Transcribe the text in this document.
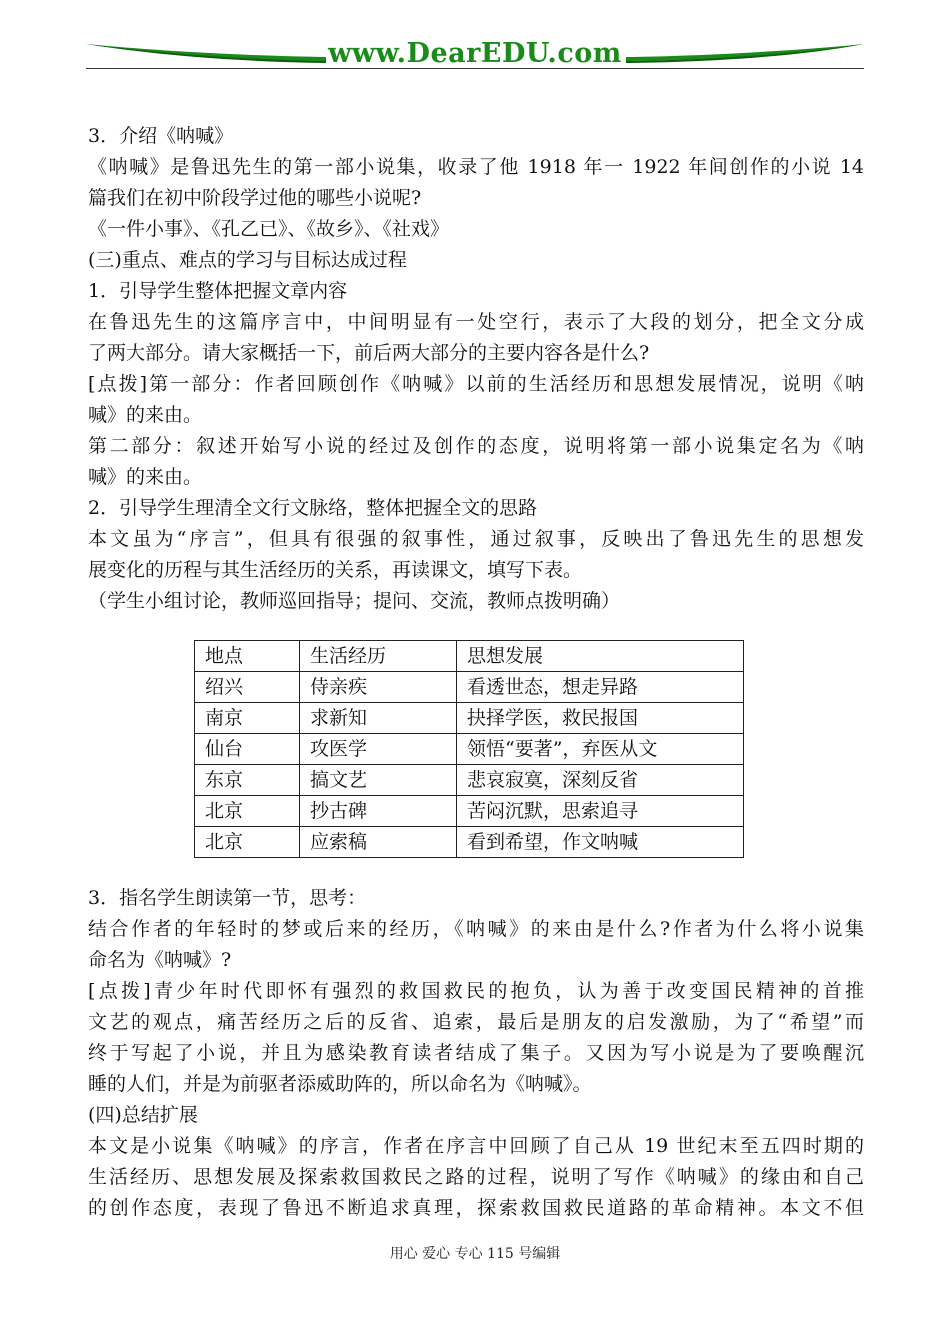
www.DearEDU.com
3．介绍《呐喊》
《呐喊》是鲁迅先生的第一部小说集，收录了他 1918 年一 1922 年间创作的小说 14
篇我们在初中阶段学过他的哪些小说呢?
《一件小事》、《孔乙已》、《故乡》、《社戏》
(三)重点、难点的学习与目标达成过程
1．引导学生整体把握文章内容
在鲁迅先生的这篇序言中，中间明显有一处空行，表示了大段的划分，把全文分成
了两大部分。请大家概括一下，前后两大部分的主要内容各是什么?
[点拨]第一部分：作者回顾创作《呐喊》以前的生活经历和思想发展情况，说明《呐
喊》的来由。
第二部分：叙述开始写小说的经过及创作的态度，说明将第一部小说集定名为《呐
喊》的来由。
2．引导学生理清全文行文脉络，整体把握全文的思路
本文虽为“序言”，但具有很强的叙事性，通过叙事，反映出了鲁迅先生的思想发
展变化的历程与其生活经历的关系，再读课文，填写下表。
（学生小组讨论，教师巡回指导；提问、交流，教师点拨明确）
地点	生活经历	思想发展
绍兴	侍亲疾	看透世态，想走异路
南京	求新知	抉择学医，救民报国
仙台	攻医学	领悟“要著”，弃医从文
东京	搞文艺	悲哀寂寞，深刻反省
北京	抄古碑	苦闷沉默，思索追寻
北京	应索稿	看到希望，作文呐喊
3．指名学生朗读第一节，思考：
结合作者的年轻时的梦或后来的经历，《呐喊》的来由是什么?作者为什么将小说集
命名为《呐喊》?
[点拨]青少年时代即怀有强烈的救国救民的抱负，认为善于改变国民精神的首推
文艺的观点，痛苦经历之后的反省、追索，最后是朋友的启发激励，为了“希望”而
终于写起了小说，并且为感染教育读者结成了集子。又因为写小说是为了要唤醒沉
睡的人们，并是为前驱者添威助阵的，所以命名为《呐喊》。
(四)总结扩展
本文是小说集《呐喊》的序言，作者在序言中回顾了自己从 19 世纪末至五四时期的
生活经历、思想发展及探索救国救民之路的过程，说明了写作《呐喊》的缘由和自己
的创作态度，表现了鲁迅不断追求真理，探索救国救民道路的革命精神。本文不但
用心 爱心 专心 115 号编辑
